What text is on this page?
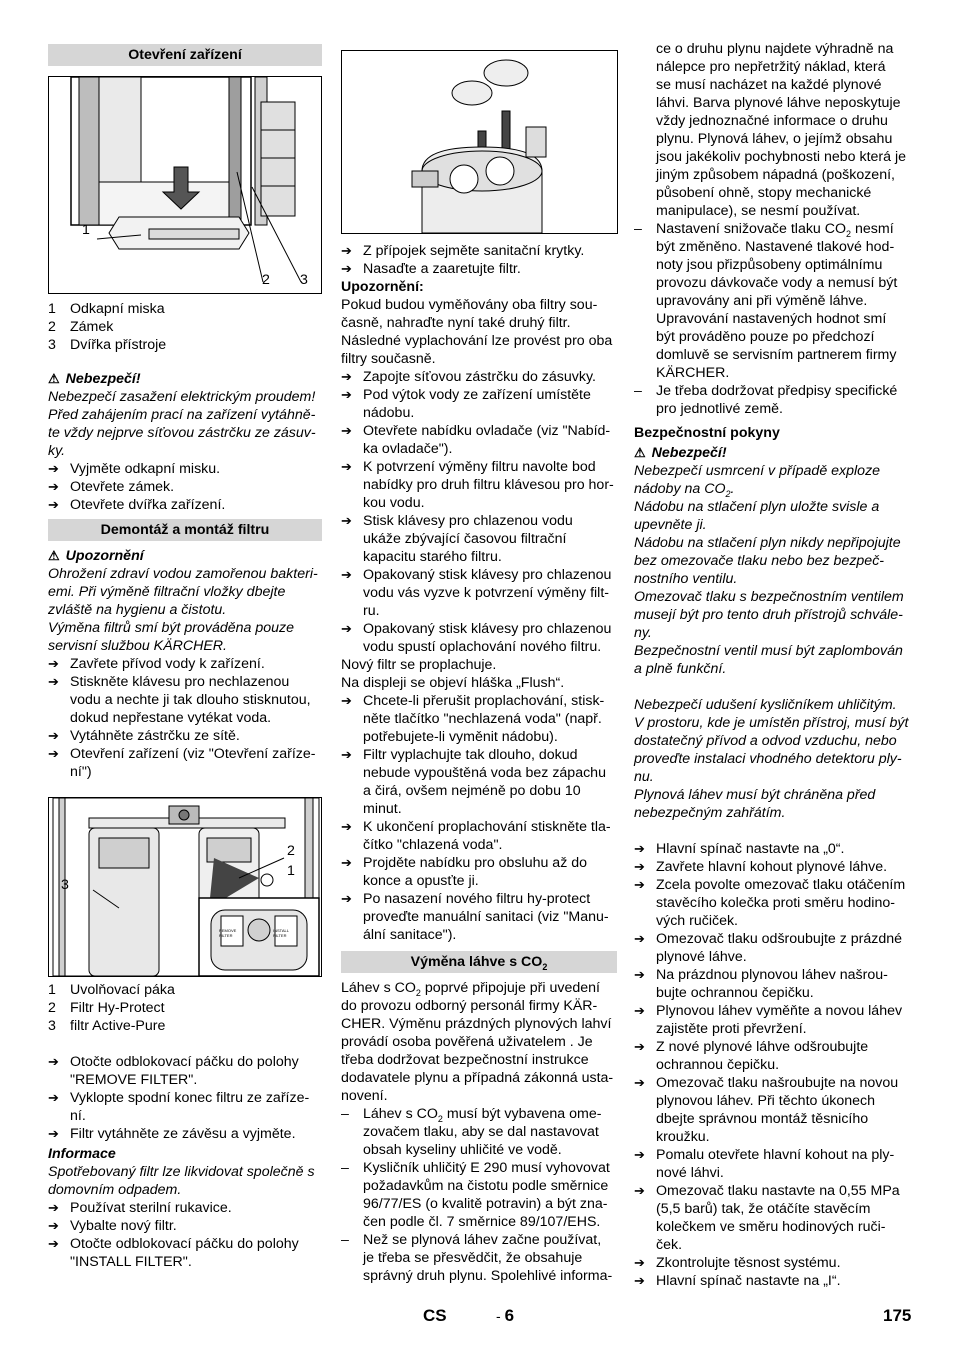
Otevření zařízení
1
2 3
1 Odkapní miska
2 Zámek
3 Dvířka přístroje
⚠ Nebezpečí!
Nebezpečí zasažení elektrickým proudem!
Před zahájením prací na zařízení vytáhně-
te vždy nejprve síťovou zástrčku ze zásuv-
ky.
➔ Vyjměte odkapní misku.
➔ Otevřete zámek.
➔ Otevřete dvířka zařízení.
Demontáž a montáž filtru
⚠ Upozornění
Ohrožení zdraví vodou zamořenou bakteri-
emi. Při výměně filtrační vložky dbejte
zvláště na hygienu a čistotu.
Výměna filtrů smí být prováděna pouze
servisní službou KÄRCHER.
➔ Zavřete přívod vody k zařízení.
➔ Stiskněte klávesu pro nechlazenou
vodu a nechte ji tak dlouho stisknutou,
dokud nepřestane vytékat voda.
➔ Vytáhněte zástrčku ze sítě.
➔ Otevření zařízení (viz "Otevření zaříze-
ní")
2
1
3
REMOVE FILTER
INSTALL FILTER
1 Uvolňovací páka
2 Filtr Hy-Protect
3 filtr Active-Pure
➔ Otočte odblokovací páčku do polohy
"REMOVE FILTER".
➔ Vyklopte spodní konec filtru ze zaříze-
ní.
➔ Filtr vytáhněte ze závěsu a vyjměte.
Informace
Spotřebovaný filtr lze likvidovat společně s
domovním odpadem.
➔ Používat sterilní rukavice.
➔ Vybalte nový filtr.
➔ Otočte odblokovací páčku do polohy
"INSTALL FILTER".
➔ Z přípojek sejměte sanitační krytky.
➔ Nasaďte a zaaretujte filtr.
Upozornění:
Pokud budou vyměňovány oba filtry sou-
časně, nahraďte nyní také druhý filtr.
Následné vyplachování lze provést pro oba
filtry současně.
➔ Zapojte síťovou zástrčku do zásuvky.
➔ Pod výtok vody ze zařízení umístěte
nádobu.
➔ Otevřete nabídku ovladače (viz "Nabíd-
ka ovladače").
➔ K potvrzení výměny filtru navolte bod
nabídky pro druh filtru klávesou pro hor-
kou vodu.
➔ Stisk klávesy pro chlazenou vodu
ukáže zbývající časovou filtrační
kapacitu starého filtru.
➔ Opakovaný stisk klávesy pro chlazenou
vodu vás vyzve k potvrzení výměny filt-
ru.
➔ Opakovaný stisk klávesy pro chlazenou
vodu spustí oplachování nového filtru.
Nový filtr se proplachuje.
Na displeji se objeví hláška „Flush“.
➔ Chcete-li přerušit proplachování, stisk-
něte tlačítko "nechlazená voda" (např.
potřebujete-li vyměnit nádobu).
➔ Filtr vyplachujte tak dlouho, dokud
nebude vypouštěná voda bez zápachu
a čirá, ovšem nejméně po dobu 10
minut.
➔ K ukončení proplachování stiskněte tla-
čítko "chlazená voda".
➔ Projděte nabídku pro obsluhu až do
konce a opusťte ji.
➔ Po nasazení nového filtru hy-protect
proveďte manuální sanitaci (viz "Manu-
ální sanitace").
Výměna láhve s $CO_2$
Láhev s $CO_2$ poprvé připojuje při uvedení
do provozu odborný personál firmy KÄR-
CHER. Výměnu prázdných plynových lahví
provádí osoba pověřená uživatelem . Je
třeba dodržovat bezpečnostní instrukce
dodavatele plynu a případná zákonná usta-
novení.
– Láhev s $CO_2$ musí být vybavena ome-
zovačem tlaku, aby se dal nastavovat
obsah kyseliny uhličité ve vodě.
– Kysličník uhličitý E 290 musí vyhovovat
požadavkům na čistotu podle směrnice
96/77/ES (o kvalitě potravin) a být zna-
čen podle čl. 7 směrnice 89/107/EHS.
– Než se plynová láhev začne používat,
je třeba se přesvědčit, že obsahuje
správný druh plynu. Spolehlivé informa-
ce o druhu plynu najdete výhradně na
nálepce pro nepřetržitý náklad, která
se musí nacházet na každé plynové
láhvi. Barva plynové láhve neposkytuje
vždy jednoznačné informace o druhu
plynu. Plynová láhev, o jejímž obsahu
jsou jakékoliv pochybnosti nebo která je
jiným způsobem nápadná (poškození,
působení ohně, stopy mechanické
manipulace), se nesmí používat.
– Nastavení snižovače tlaku $CO_2$ nesmí
být změněno. Nastavené tlakové hod-
noty jsou přizpůsobeny optimálnímu
provozu dávkovače vody a nemusí být
upravovány ani při výměně láhve.
Upravování nastavených hodnot smí
být prováděno pouze po předchozí
domluvě se servisním partnerem firmy
KÄRCHER.
– Je třeba dodržovat předpisy specifické
pro jednotlivé země.
Bezpečnostní pokyny
⚠ Nebezpečí!
Nebezpečí usmrcení v případě exploze
nádoby na $CO_2$.
Nádobu na stlačení plyn uložte svisle a
upevněte ji.
Nádobu na stlačení plyn nikdy nepřipojujte
bez omezovače tlaku nebo bez bezpeč-
nostního ventilu.
Omezovač tlaku s bezpečnostním ventilem
musejí být pro tento druh přístrojů schvále-
ny.
Bezpečnostní ventil musí být zaplombován
a plně funkční.
Nebezpečí udušení kysličníkem uhličitým.
V prostoru, kde je umístěn přístroj, musí být
dostatečný přívod a odvod vzduchu, nebo
proveďte instalaci vhodného detektoru ply-
nu.
Plynová láhev musí být chráněna před
nebezpečným zahřátím.
➔ Hlavní spínač nastavte na „0“.
➔ Zavřete hlavní kohout plynové láhve.
➔ Zcela povolte omezovač tlaku otáčením
stavěcího kolečka proti směru hodino-
vých ručiček.
➔ Omezovač tlaku odšroubujte z prázdné
plynové láhve.
➔ Na prázdnou plynovou láhev našrou-
bujte ochrannou čepičku.
➔ Plynovou láhev vyměňte a novou láhev
zajistěte proti převržení.
➔ Z nové plynové láhve odšroubujte
ochrannou čepičku.
➔ Omezovač tlaku našroubujte na novou
plynovou láhev. Při těchto úkonech
dbejte správnou montáž těsnicího
kroužku.
➔ Pomalu otevřete hlavní kohout na ply-
nové láhvi.
➔ Omezovač tlaku nastavte na 0,55 MPa
(5,5 barů) tak, že otáčíte stavěcím
kolečkem ve směru hodinových ruči-
ček.
➔ Zkontrolujte těsnost systému.
➔ Hlavní spínač nastavte na „I“.
CS	- 6	175
